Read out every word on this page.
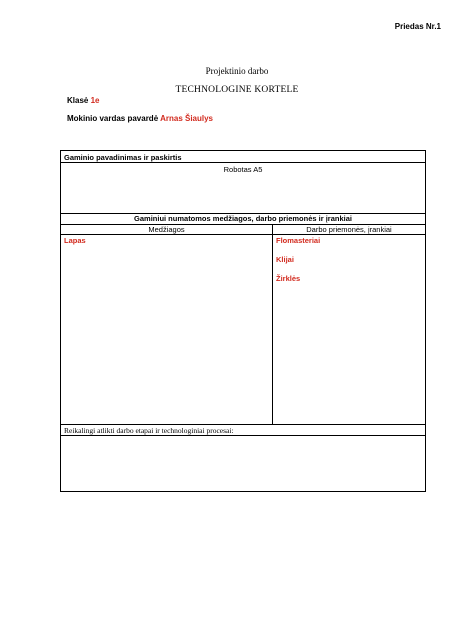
Priedas Nr.1
Projektinio darbo
TECHNOLOGINE KORTELE
Klasė 1e
Mokinio vardas pavardė Arnas Šiaulys
Gaminio pavadinimas ir paskirtis
Robotas A5
Gaminiui numatomos medžiagos, darbo priemonės ir įrankiai
Medžiagos	Darbo priemonės, įrankiai
Lapas	Flomasteriai
Klijai
Žirklės
Reikalingi atlikti darbo etapai ir technologiniai procesai:
